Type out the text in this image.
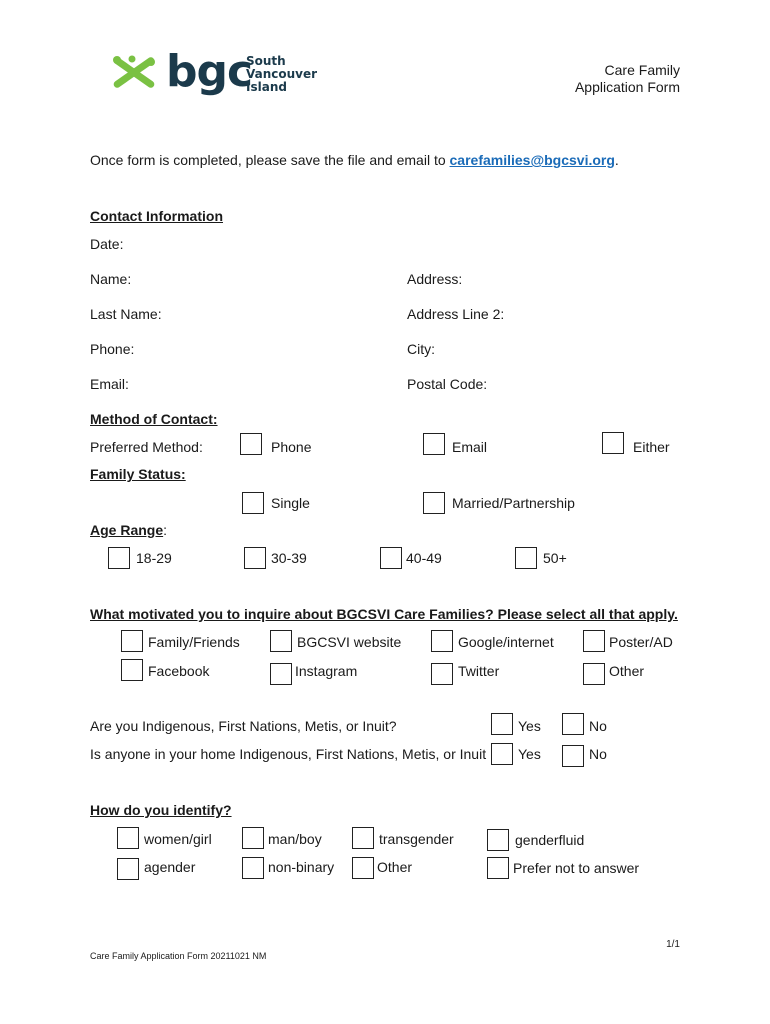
bgc
South
Vancouver
Island
Care Family
Application Form
Once form is completed, please save the file and email to carefamilies@bgcsvi.org.
Contact Information
Date:
Name:	Address:
Last Name:	Address Line 2:
Phone:	City:
Email:	Postal Code:
Method of Contact:
Preferred Method:	Phone	Email	Either
Family Status:
Single	Married/Partnership
Age Range:
18-29	30-39	40-49	50+
What motivated you to inquire about BGCSVI Care Families? Please select all that apply.
Family/Friends	BGCSVI website	Google/internet	Poster/AD
Facebook	Instagram	Twitter	Other
Are you Indigenous, First Nations, Metis, or Inuit?	Yes	No
Is anyone in your home Indigenous, First Nations, Metis, or Inuit Yes	No
How do you identify?
women/girl	man/boy	transgender	genderfluid
agender	non-binary	Other	Prefer not to answer
1/1
Care Family Application Form 20211021 NM
